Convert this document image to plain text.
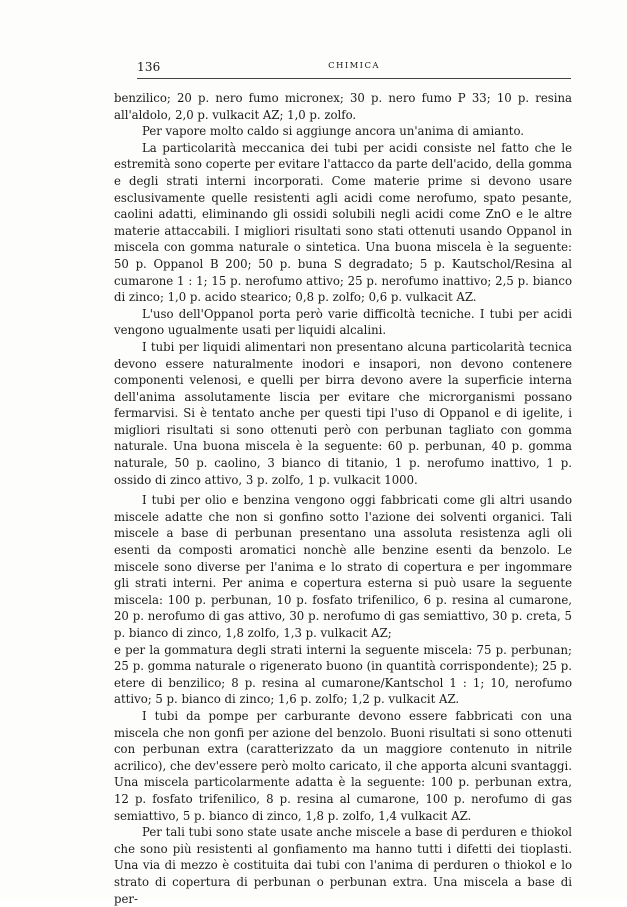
136	CHIMICA

benzilico; 20 p. nero fumo micronex; 30 p. nero fumo P 33; 10 p. resina all'aldolo, 2,0 p. vulkacit AZ; 1,0 p. zolfo.

Per vapore molto caldo si aggiunge ancora un'anima di amianto.

La particolarità meccanica dei tubi per acidi consiste nel fatto che le estremità sono coperte per evitare l'attacco da parte dell'acido, della gomma e degli strati interni incorporati. Come materie prime si devono usare esclusivamente quelle resistenti agli acidi come nerofumo, spato pesante, caolini adatti, eliminando gli ossidi solubili negli acidi come ZnO e le altre materie attaccabili. I migliori risultati sono stati ottenuti usando Oppanol in miscela con gomma naturale o sintetica. Una buona miscela è la seguente: 50 p. Oppanol B 200; 50 p. buna S degradato; 5 p. Kautschol/Resina al cumarone 1 : 1; 15 p. nerofumo attivo; 25 p. nerofumo inattivo; 2,5 p. bianco di zinco; 1,0 p. acido stearico; 0,8 p. zolfo; 0,6 p. vulkacit AZ.

L'uso dell'Oppanol porta però varie difficoltà tecniche. I tubi per acidi vengono ugualmente usati per liquidi alcalini.

I tubi per liquidi alimentari non presentano alcuna particolarità tecnica devono essere naturalmente inodori e insapori, non devono contenere componenti velenosi, e quelli per birra devono avere la superficie interna dell'anima assolutamente liscia per evitare che microrganismi possano fermarvisi. Si è tentato anche per questi tipi l'uso di Oppanol e di igelite, i migliori risultati si sono ottenuti però con perbunan tagliato con gomma naturale. Una buona miscela è la seguente: 60 p. perbunan, 40 p. gomma naturale, 50 p. caolino, 3 bianco di titanio, 1 p. nerofumo inattivo, 1 p. ossido di zinco attivo, 3 p. zolfo, 1 p. vulkacit 1000.

I tubi per olio e benzina vengono oggi fabbricati come gli altri usando miscele adatte che non si gonfino sotto l'azione dei solventi organici. Tali miscele a base di perbunan presentano una assoluta resistenza agli oli esenti da composti aromatici nonchè alle benzine esenti da benzolo. Le miscele sono diverse per l'anima e lo strato di copertura e per ingommare gli strati interni. Per anima e copertura esterna si può usare la seguente miscela: 100 p. perbunan, 10 p. fosfato trifenilico, 6 p. resina al cumarone, 20 p. nerofumo di gas attivo, 30 p. nerofumo di gas semiattivo, 30 p. creta, 5 p. bianco di zinco, 1,8 zolfo, 1,3 p. vulkacit AZ;

e per la gommatura degli strati interni la seguente miscela: 75 p. perbunan; 25 p. gomma naturale o rigenerato buono (in quantità corrispondente); 25 p. etere di benzilico; 8 p. resina al cumarone/Kantschol 1 : 1; 10, nerofumo attivo; 5 p. bianco di zinco; 1,6 p. zolfo; 1,2 p. vulkacit AZ.

I tubi da pompe per carburante devono essere fabbricati con una miscela che non gonfi per azione del benzolo. Buoni risultati si sono ottenuti con perbunan extra (caratterizzato da un maggiore contenuto in nitrile acrilico), che dev'essere però molto caricato, il che apporta alcuni svantaggi. Una miscela particolarmente adatta è la seguente: 100 p. perbunan extra, 12 p. fosfato trifenilico, 8 p. resina al cumarone, 100 p. nerofumo di gas semiattivo, 5 p. bianco di zinco, 1,8 p. zolfo, 1,4 vulkacit AZ.

Per tali tubi sono state usate anche miscele a base di perduren e thiokol che sono più resistenti al gonfiamento ma hanno tutti i difetti dei tioplasti. Una via di mezzo è costituita dai tubi con l'anima di perduren o thiokol e lo strato di copertura di perbunan o perbunan extra. Una miscela a base di per-
